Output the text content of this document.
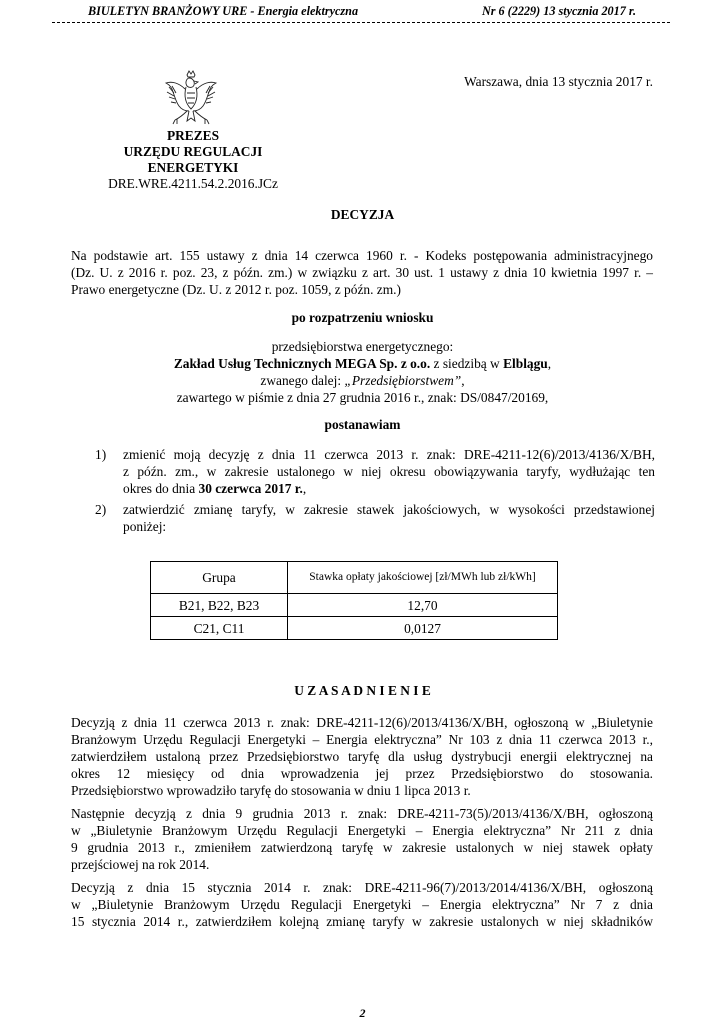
BIULETYN BRANŻOWY URE - Energia elektryczna	Nr 6 (2229) 13 stycznia 2017 r.
Warszawa, dnia 13 stycznia 2017 r.
PREZES
URZĘDU REGULACJI ENERGETYKI
DRE.WRE.4211.54.2.2016.JCz
DECYZJA
Na podstawie art. 155 ustawy z dnia 14 czerwca 1960 r. - Kodeks postępowania administracyjnego
(Dz. U. z 2016 r. poz. 23, z późn. zm.) w związku z art. 30 ust. 1 ustawy z dnia 10 kwietnia 1997 r. –
Prawo energetyczne (Dz. U. z 2012 r. poz. 1059, z późn. zm.)
po rozpatrzeniu wniosku
przedsiębiorstwa energetycznego:
Zakład Usług Technicznych MEGA Sp. z o.o. z siedzibą w Elblągu,
zwanego dalej: „Przedsiębiorstwem”,
zawartego w piśmie z dnia 27 grudnia 2016 r., znak: DS/0847/20169,
postanawiam
1) zmienić moją decyzję z dnia 11 czerwca 2013 r. znak: DRE-4211-12(6)/2013/4136/X/BH,
z późn. zm., w zakresie ustalonego w niej okresu obowiązywania taryfy, wydłużając ten
okres do dnia 30 czerwca 2017 r.,
2) zatwierdzić zmianę taryfy, w zakresie stawek jakościowych, w wysokości przedstawionej
poniżej:
Grupa	Stawka opłaty jakościowej [zł/MWh lub zł/kWh]
B21, B22, B23	12,70
C21, C11	0,0127
U Z A S A D N I E N I E
Decyzją z dnia 11 czerwca 2013 r. znak: DRE-4211-12(6)/2013/4136/X/BH, ogłoszoną w „Biuletynie
Branżowym Urzędu Regulacji Energetyki – Energia elektryczna” Nr 103 z dnia 11 czerwca 2013 r.,
zatwierdziłem ustaloną przez Przedsiębiorstwo taryfę dla usług dystrybucji energii elektrycznej na
okres 12 miesięcy od dnia wprowadzenia jej przez Przedsiębiorstwo do stosowania.
Przedsiębiorstwo wprowadziło taryfę do stosowania w dniu 1 lipca 2013 r.
Następnie decyzją z dnia 9 grudnia 2013 r. znak: DRE-4211-73(5)/2013/4136/X/BH, ogłoszoną
w „Biuletynie Branżowym Urzędu Regulacji Energetyki – Energia elektryczna” Nr 211 z dnia
9 grudnia 2013 r., zmieniłem zatwierdzoną taryfę w zakresie ustalonych w niej stawek opłaty
przejściowej na rok 2014.
Decyzją z dnia 15 stycznia 2014 r. znak: DRE-4211-96(7)/2013/2014/4136/X/BH, ogłoszoną
w „Biuletynie Branżowym Urzędu Regulacji Energetyki – Energia elektryczna” Nr 7 z dnia
15 stycznia 2014 r., zatwierdziłem kolejną zmianę taryfy w zakresie ustalonych w niej składników
2
